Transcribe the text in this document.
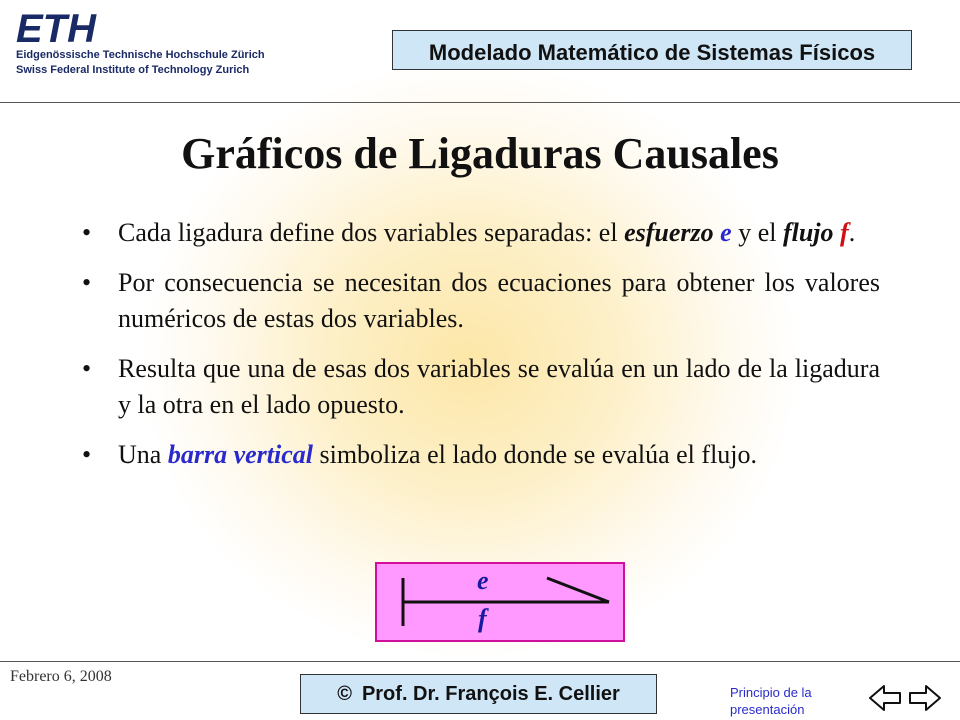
ETH
Eidgenössische Technische Hochschule Zürich
Swiss Federal Institute of Technology Zurich
Modelado Matemático de Sistemas Físicos
Gráficos de Ligaduras Causales
• Cada ligadura define dos variables separadas: el esfuerzo e y el flujo f.
• Por consecuencia se necesitan dos ecuaciones para obtener los valores numéricos de estas dos variables.
• Resulta que una de esas dos variables se evalúa en un lado de la ligadura y la otra en el lado opuesto.
• Una barra vertical simboliza el lado donde se evalúa el flujo.
e
f
Febrero 6, 2008
© Prof. Dr. François E. Cellier	Principio de la
presentación
